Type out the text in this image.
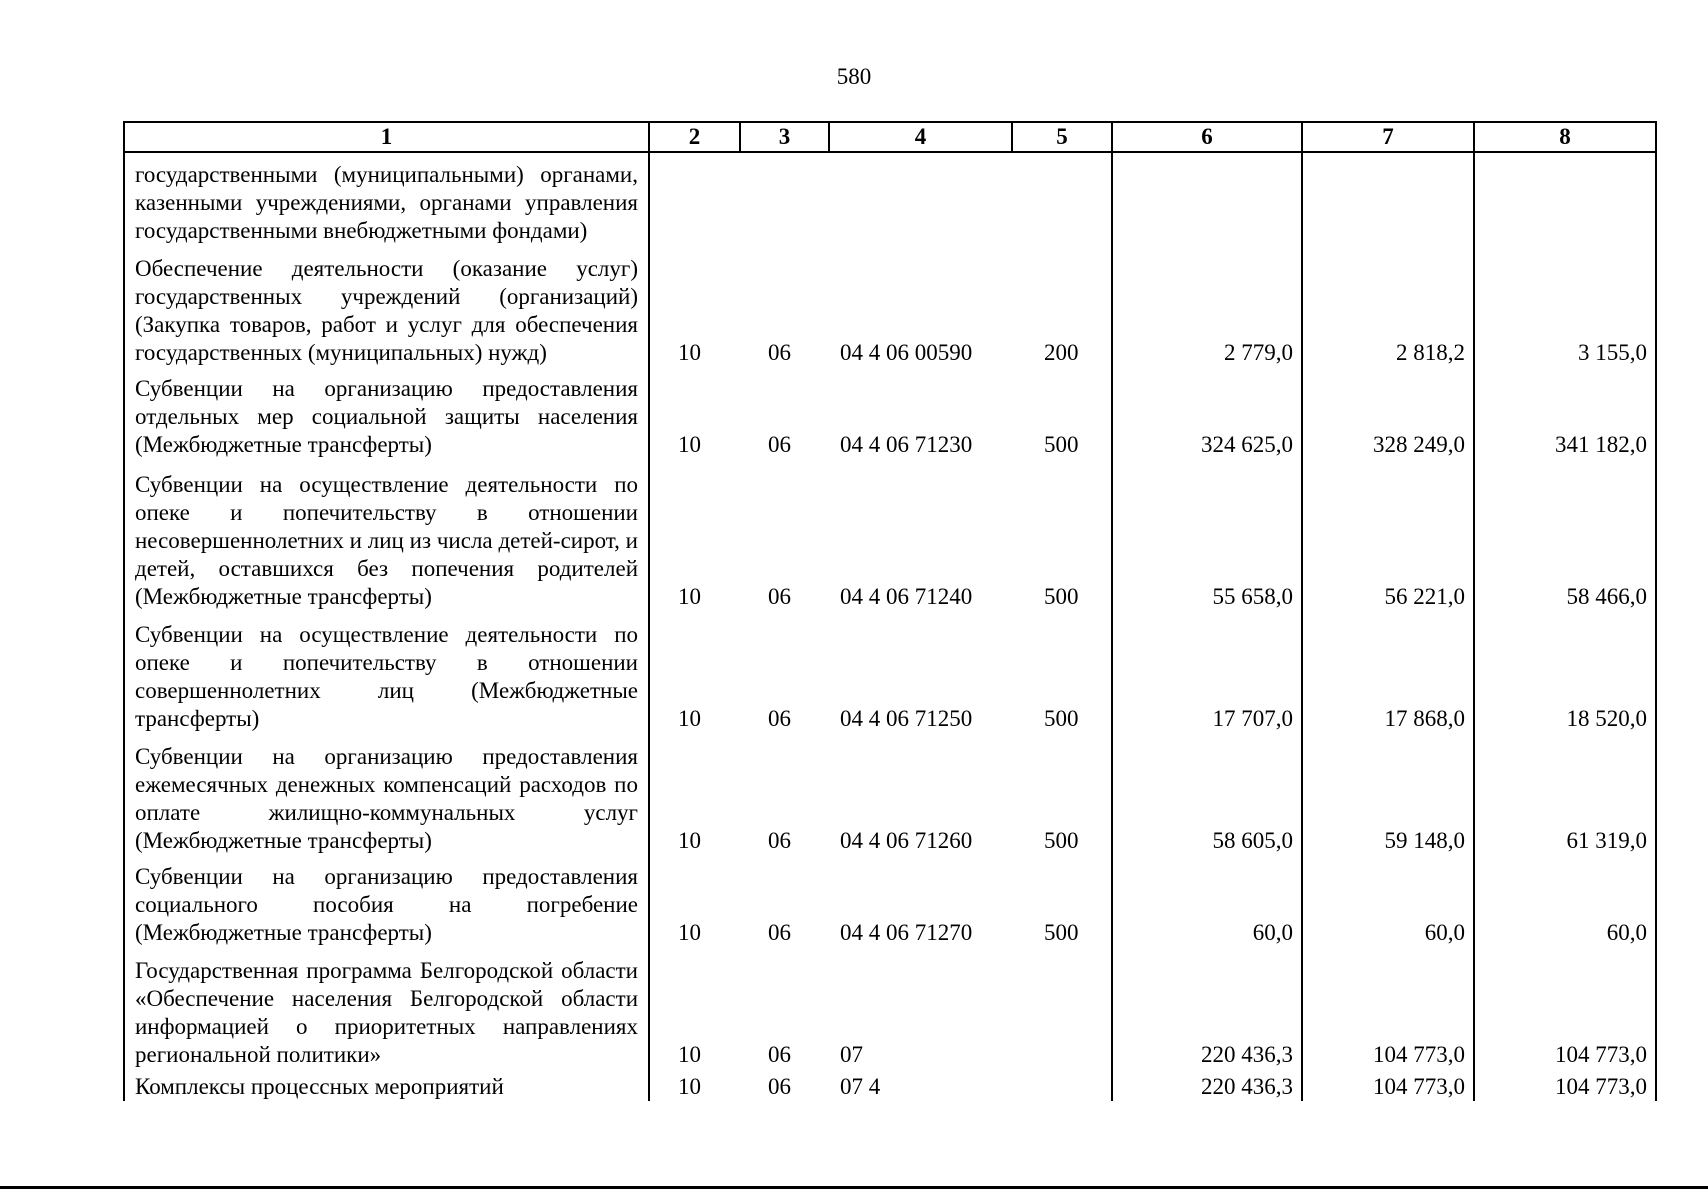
580
1	2	3	4	5	6	7	8
государственными (муниципальными) органами, казенными учреждениями, органами управления государственными внебюджетными фондами)							
Обеспечение деятельности (оказание услуг) государственных учреждений (организаций) (Закупка товаров, работ и услуг для обеспечения государственных (муниципальных) нужд)	10	06	04 4 06 00590	200	2 779,0	2 818,2	3 155,0
Субвенции на организацию предоставления отдельных мер социальной защиты населения (Межбюджетные трансферты)	10	06	04 4 06 71230	500	324 625,0	328 249,0	341 182,0
Субвенции на осуществление деятельности по опеке и попечительству в отношении несовершеннолетних и лиц из числа детей-сирот, и детей, оставшихся без попечения родителей (Межбюджетные трансферты)	10	06	04 4 06 71240	500	55 658,0	56 221,0	58 466,0
Субвенции на осуществление деятельности по опеке и попечительству в отношении совершеннолетних лиц (Межбюджетные трансферты)	10	06	04 4 06 71250	500	17 707,0	17 868,0	18 520,0
Субвенции на организацию предоставления ежемесячных денежных компенсаций расходов по оплате жилищно-коммунальных услуг (Межбюджетные трансферты)	10	06	04 4 06 71260	500	58 605,0	59 148,0	61 319,0
Субвенции на организацию предоставления социального пособия на погребение (Межбюджетные трансферты)	10	06	04 4 06 71270	500	60,0	60,0	60,0
Государственная программа Белгородской области «Обеспечение населения Белгородской области информацией о приоритетных направлениях региональной политики»	10	06	07		220 436,3	104 773,0	104 773,0
Комплексы процессных мероприятий	10	06	07 4		220 436,3	104 773,0	104 773,0
